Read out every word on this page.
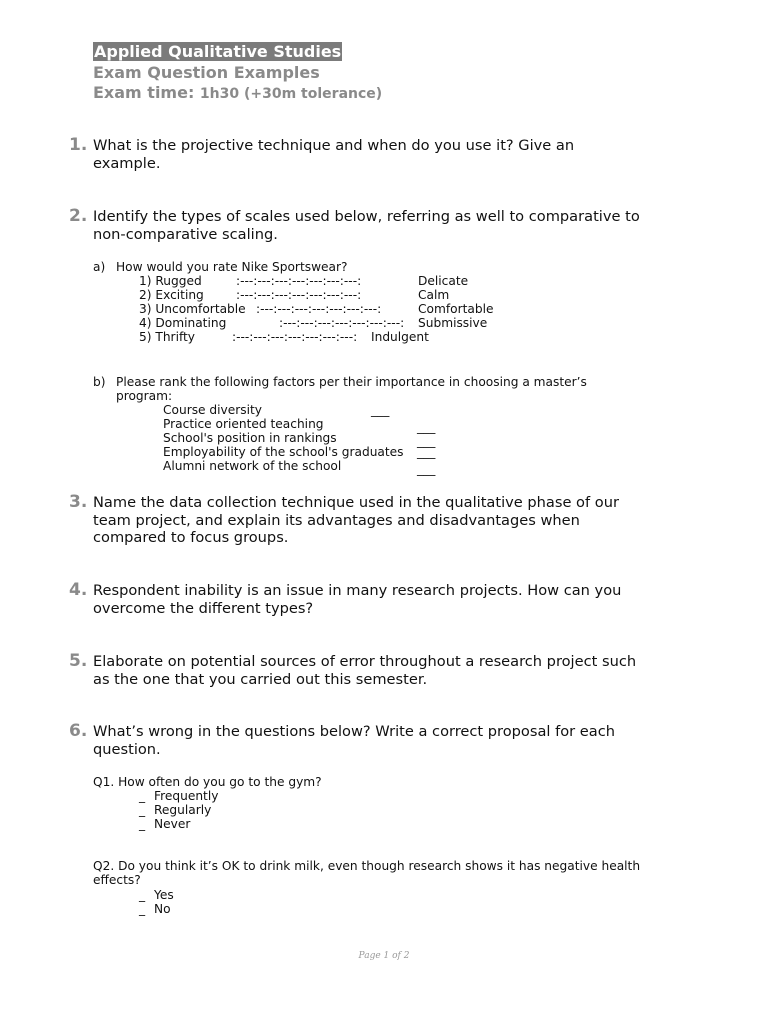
Applied Qualitative Studies
Exam Question Examples
Exam time: 1h30 (+30m tolerance)
1. What is the projective technique and when do you use it? Give an
example.
2. Identify the types of scales used below, referring as well to comparative to
non-comparative scaling.
a) How would you rate Nike Sportswear?
1) Rugged	:---:---:---:---:---:---:---:	Delicate
2) Exciting	:---:---:---:---:---:---:---:	Calm
3) Uncomfortable :---:---:---:---:---:---:---:	Comfortable
4) Dominating	:---:---:---:---:---:---:---: Submissive
5) Thrifty	:---:---:---:---:---:---:---: Indulgent
b) Please rank the following factors per their importance in choosing a master’s
program:
Course diversity	___
Practice oriented teaching	___
School's position in rankings	___
Employability of the school's graduates ___
Alumni network of the school	___
3. Name the data collection technique used in the qualitative phase of our
team project, and explain its advantages and disadvantages when
compared to focus groups.
4. Respondent inability is an issue in many research projects. How can you
overcome the different types?
5. Elaborate on potential sources of error throughout a research project such
as the one that you carried out this semester.
6. What’s wrong in the questions below? Write a correct proposal for each
question.
Q1. How often do you go to the gym?
_ Frequently
_ Regularly
_ Never
Q2. Do you think it’s OK to drink milk, even though research shows it has negative health
effects?
_ Yes
_ No
Page 1 of 2
